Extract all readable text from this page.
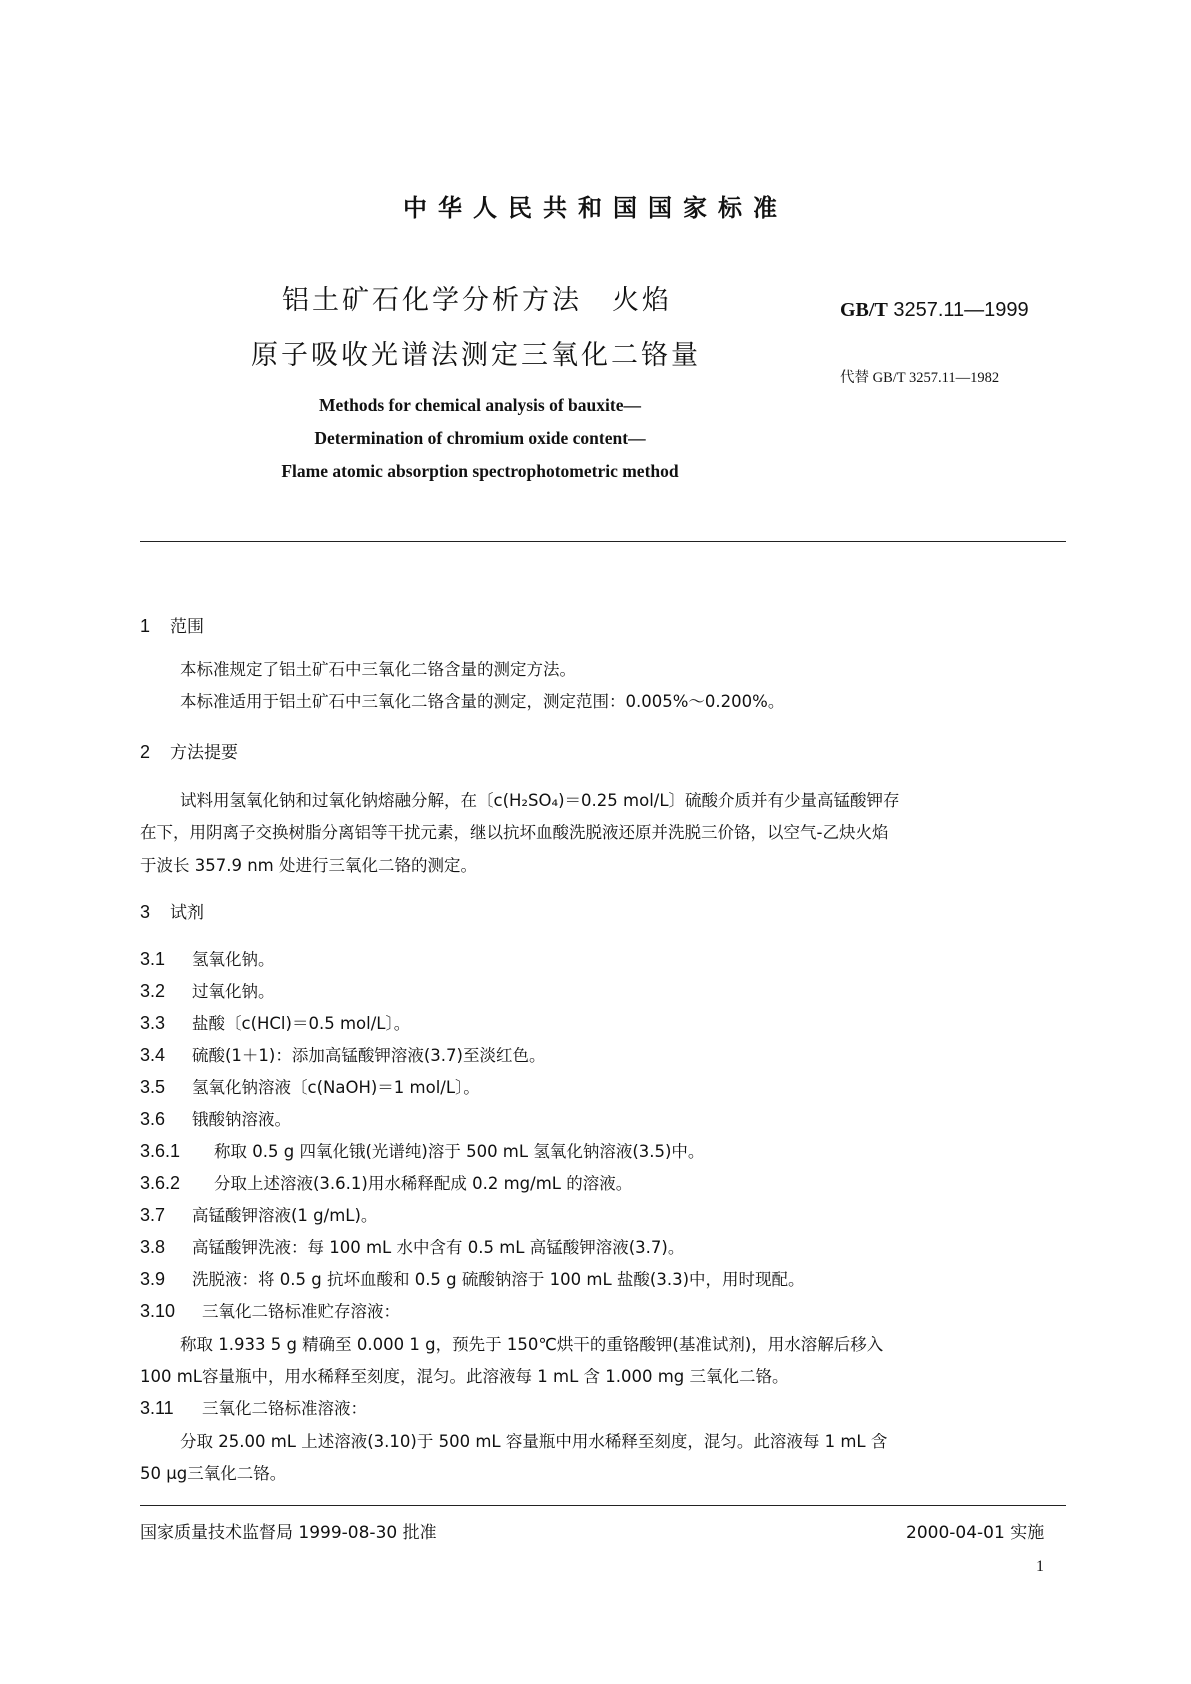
中华人民共和国国家标准
铝土矿石化学分析方法　火焰
原子吸收光谱法测定三氧化二铬量
GB/T 3257.11—1999
代替 GB/T 3257.11—1982
Methods for chemical analysis of bauxite—
Determination of chromium oxide content—
Flame atomic absorption spectrophotometric method
1 范围
本标准规定了铝土矿石中三氧化二铬含量的测定方法。
本标准适用于铝土矿石中三氧化二铬含量的测定，测定范围：0.005%～0.200%。
2 方法提要
试料用氢氧化钠和过氧化钠熔融分解，在〔c(H₂SO₄)＝0.25 mol/L〕硫酸介质并有少量高锰酸钾存
在下，用阴离子交换树脂分离铝等干扰元素，继以抗坏血酸洗脱液还原并洗脱三价铬，以空气-乙炔火焰
于波长 357.9 nm 处进行三氧化二铬的测定。
3 试剂
3.1 氢氧化钠。
3.2 过氧化钠。
3.3 盐酸〔c(HCl)＝0.5 mol/L〕。
3.4 硫酸(1＋1)：添加高锰酸钾溶液(3.7)至淡红色。
3.5 氢氧化钠溶液〔c(NaOH)＝1 mol/L〕。
3.6 锇酸钠溶液。
3.6.1 称取 0.5 g 四氧化锇(光谱纯)溶于 500 mL 氢氧化钠溶液(3.5)中。
3.6.2 分取上述溶液(3.6.1)用水稀释配成 0.2 mg/mL 的溶液。
3.7 高锰酸钾溶液(1 g/mL)。
3.8 高锰酸钾洗液：每 100 mL 水中含有 0.5 mL 高锰酸钾溶液(3.7)。
3.9 洗脱液：将 0.5 g 抗坏血酸和 0.5 g 硫酸钠溶于 100 mL 盐酸(3.3)中，用时现配。
3.10 三氧化二铬标准贮存溶液：
称取 1.933 5 g 精确至 0.000 1 g，预先于 150℃烘干的重铬酸钾(基准试剂)，用水溶解后移入
100 mL容量瓶中，用水稀释至刻度，混匀。此溶液每 1 mL 含 1.000 mg 三氧化二铬。
3.11 三氧化二铬标准溶液：
分取 25.00 mL 上述溶液(3.10)于 500 mL 容量瓶中用水稀释至刻度，混匀。此溶液每 1 mL 含
50 μg三氧化二铬。
国家质量技术监督局 1999-08-30 批准	2000-04-01 实施
1
